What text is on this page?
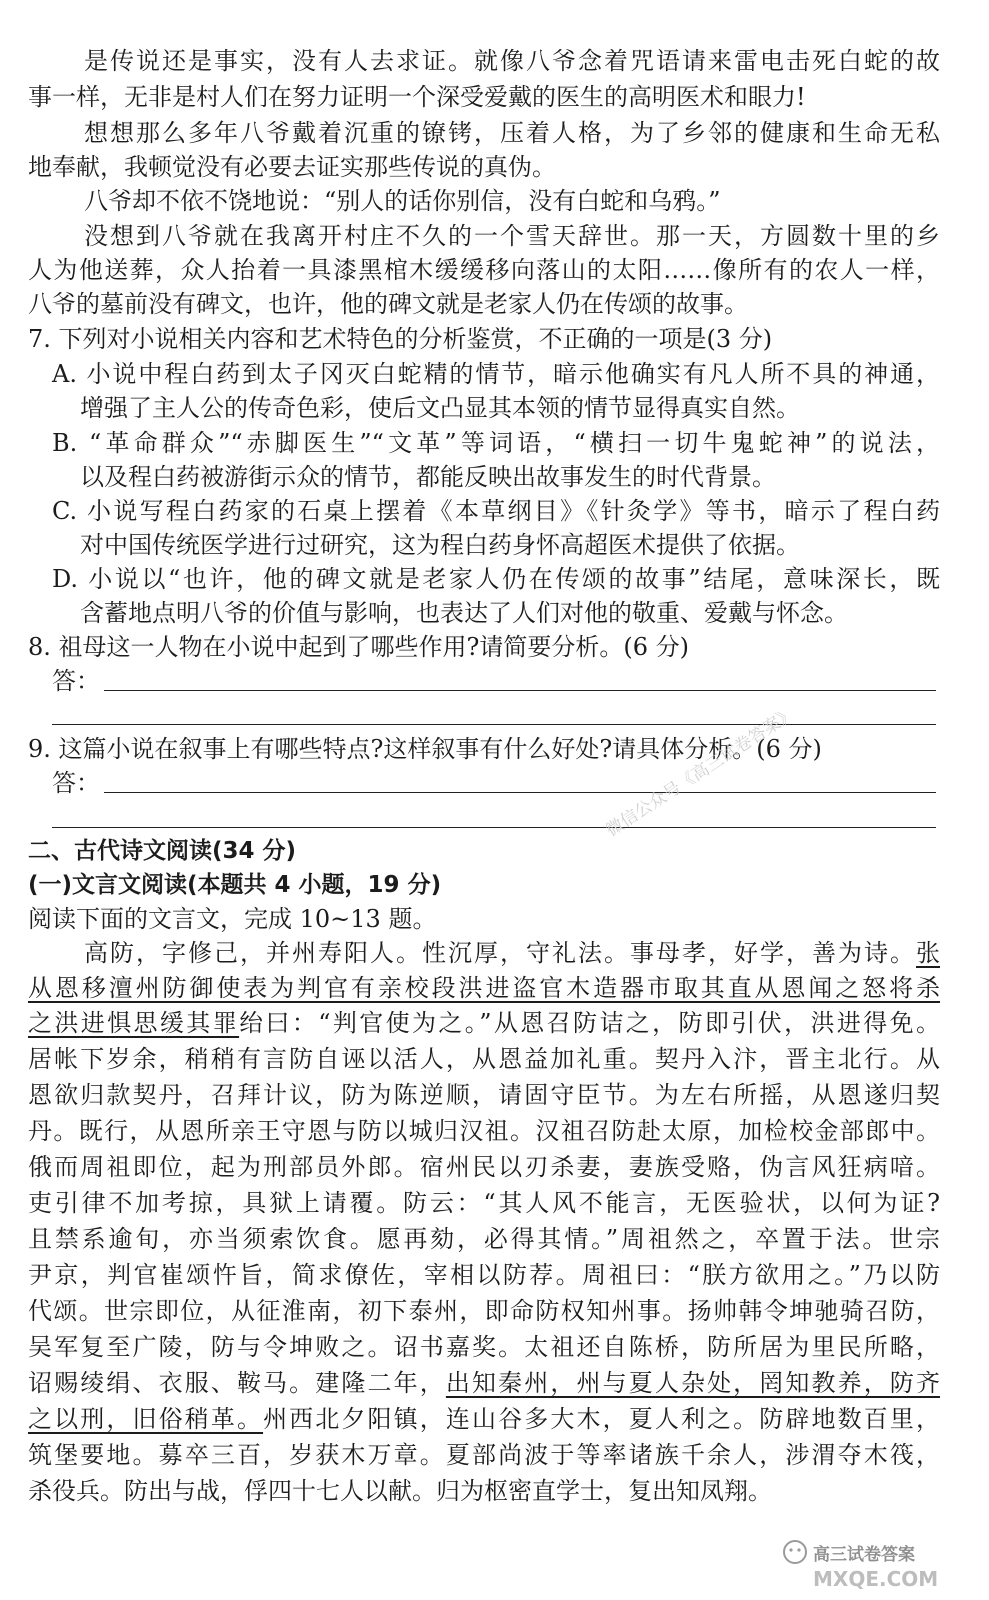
是传说还是事实，没有人去求证。就像八爷念着咒语请来雷电击死白蛇的故
事一样，无非是村人们在努力证明一个深受爱戴的医生的高明医术和眼力!
想想那么多年八爷戴着沉重的镣铐，压着人格，为了乡邻的健康和生命无私
地奉献，我顿觉没有必要去证实那些传说的真伪。
八爷却不依不饶地说：“别人的话你别信，没有白蛇和乌鸦。”
没想到八爷就在我离开村庄不久的一个雪天辞世。那一天，方圆数十里的乡
人为他送葬，众人抬着一具漆黑棺木缓缓移向落山的太阳……像所有的农人一样，
八爷的墓前没有碑文，也许，他的碑文就是老家人仍在传颂的故事。
7. 下列对小说相关内容和艺术特色的分析鉴赏，不正确的一项是(3 分)
A. 小说中程白药到太子冈灭白蛇精的情节，暗示他确实有凡人所不具的神通，
增强了主人公的传奇色彩，使后文凸显其本领的情节显得真实自然。
B. “革命群众”“赤脚医生”“文革”等词语，“横扫一切牛鬼蛇神”的说法，
以及程白药被游街示众的情节，都能反映出故事发生的时代背景。
C. 小说写程白药家的石桌上摆着《本草纲目》《针灸学》等书，暗示了程白药
对中国传统医学进行过研究，这为程白药身怀高超医术提供了依据。
D. 小说以“也许，他的碑文就是老家人仍在传颂的故事”结尾，意味深长，既
含蓄地点明八爷的价值与影响，也表达了人们对他的敬重、爱戴与怀念。
8. 祖母这一人物在小说中起到了哪些作用?请简要分析。(6 分)
答：
9. 这篇小说在叙事上有哪些特点?这样叙事有什么好处?请具体分析。(6 分)
答：
二、古代诗文阅读(34 分)
(一)文言文阅读(本题共 4 小题，19 分)
阅读下面的文言文，完成 10~13 题。
高防，字修己，并州寿阳人。性沉厚，守礼法。事母孝，好学，善为诗。张
从恩移澶州防御使表为判官有亲校段洪进盗官木造器市取其直从恩闻之怒将杀
之洪进惧思缓其罪绐曰：“判官使为之。”从恩召防诘之，防即引伏，洪进得免。
居帐下岁余，稍稍有言防自诬以活人，从恩益加礼重。契丹入汴，晋主北行。从
恩欲归款契丹，召拜计议，防为陈逆顺，请固守臣节。为左右所摇，从恩遂归契
丹。既行，从恩所亲王守恩与防以城归汉祖。汉祖召防赴太原，加检校金部郎中。
俄而周祖即位，起为刑部员外郎。宿州民以刃杀妻，妻族受赂，伪言风狂病喑。
吏引律不加考掠，具狱上请覆。防云：“其人风不能言，无医验状，以何为证?
且禁系逾旬，亦当须索饮食。愿再劾，必得其情。”周祖然之，卒置于法。世宗
尹京，判官崔颂忤旨，简求僚佐，宰相以防荐。周祖曰：“朕方欲用之。”乃以防
代颂。世宗即位，从征淮南，初下泰州，即命防权知州事。扬帅韩令坤驰骑召防，
吴军复至广陵，防与令坤败之。诏书嘉奖。太祖还自陈桥，防所居为里民所略，
诏赐绫绢、衣服、鞍马。建隆二年，出知秦州，州与夏人杂处，罔知教养，防齐
之以刑，旧俗稍革。州西北夕阳镇，连山谷多大木，夏人利之。防辟地数百里，
筑堡要地。募卒三百，岁获木万章。夏部尚波于等率诸族千余人，涉渭夺木筏，
杀役兵。防出与战，俘四十七人以献。归为枢密直学士，复出知凤翔。
微信公众号《高三试卷答案》
高三试卷答案
MXQE.COM
